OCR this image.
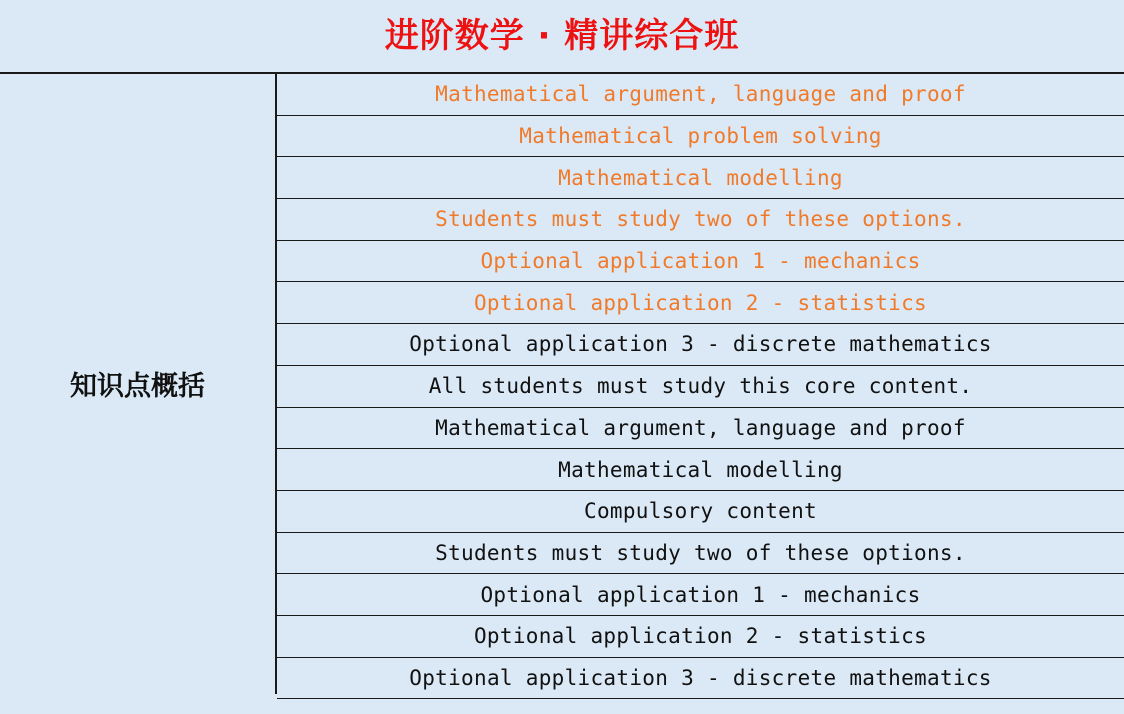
进阶数学 · 精讲综合班
知识点概括
Mathematical argument, language and proof
Mathematical problem solving
Mathematical modelling
Students must study two of these options.
Optional application 1 - mechanics
Optional application 2 - statistics
Optional application 3 - discrete mathematics
All students must study this core content.
Mathematical argument, language and proof
Mathematical modelling
Compulsory content
Students must study two of these options.
Optional application 1 - mechanics
Optional application 2 - statistics
Optional application 3 - discrete mathematics
